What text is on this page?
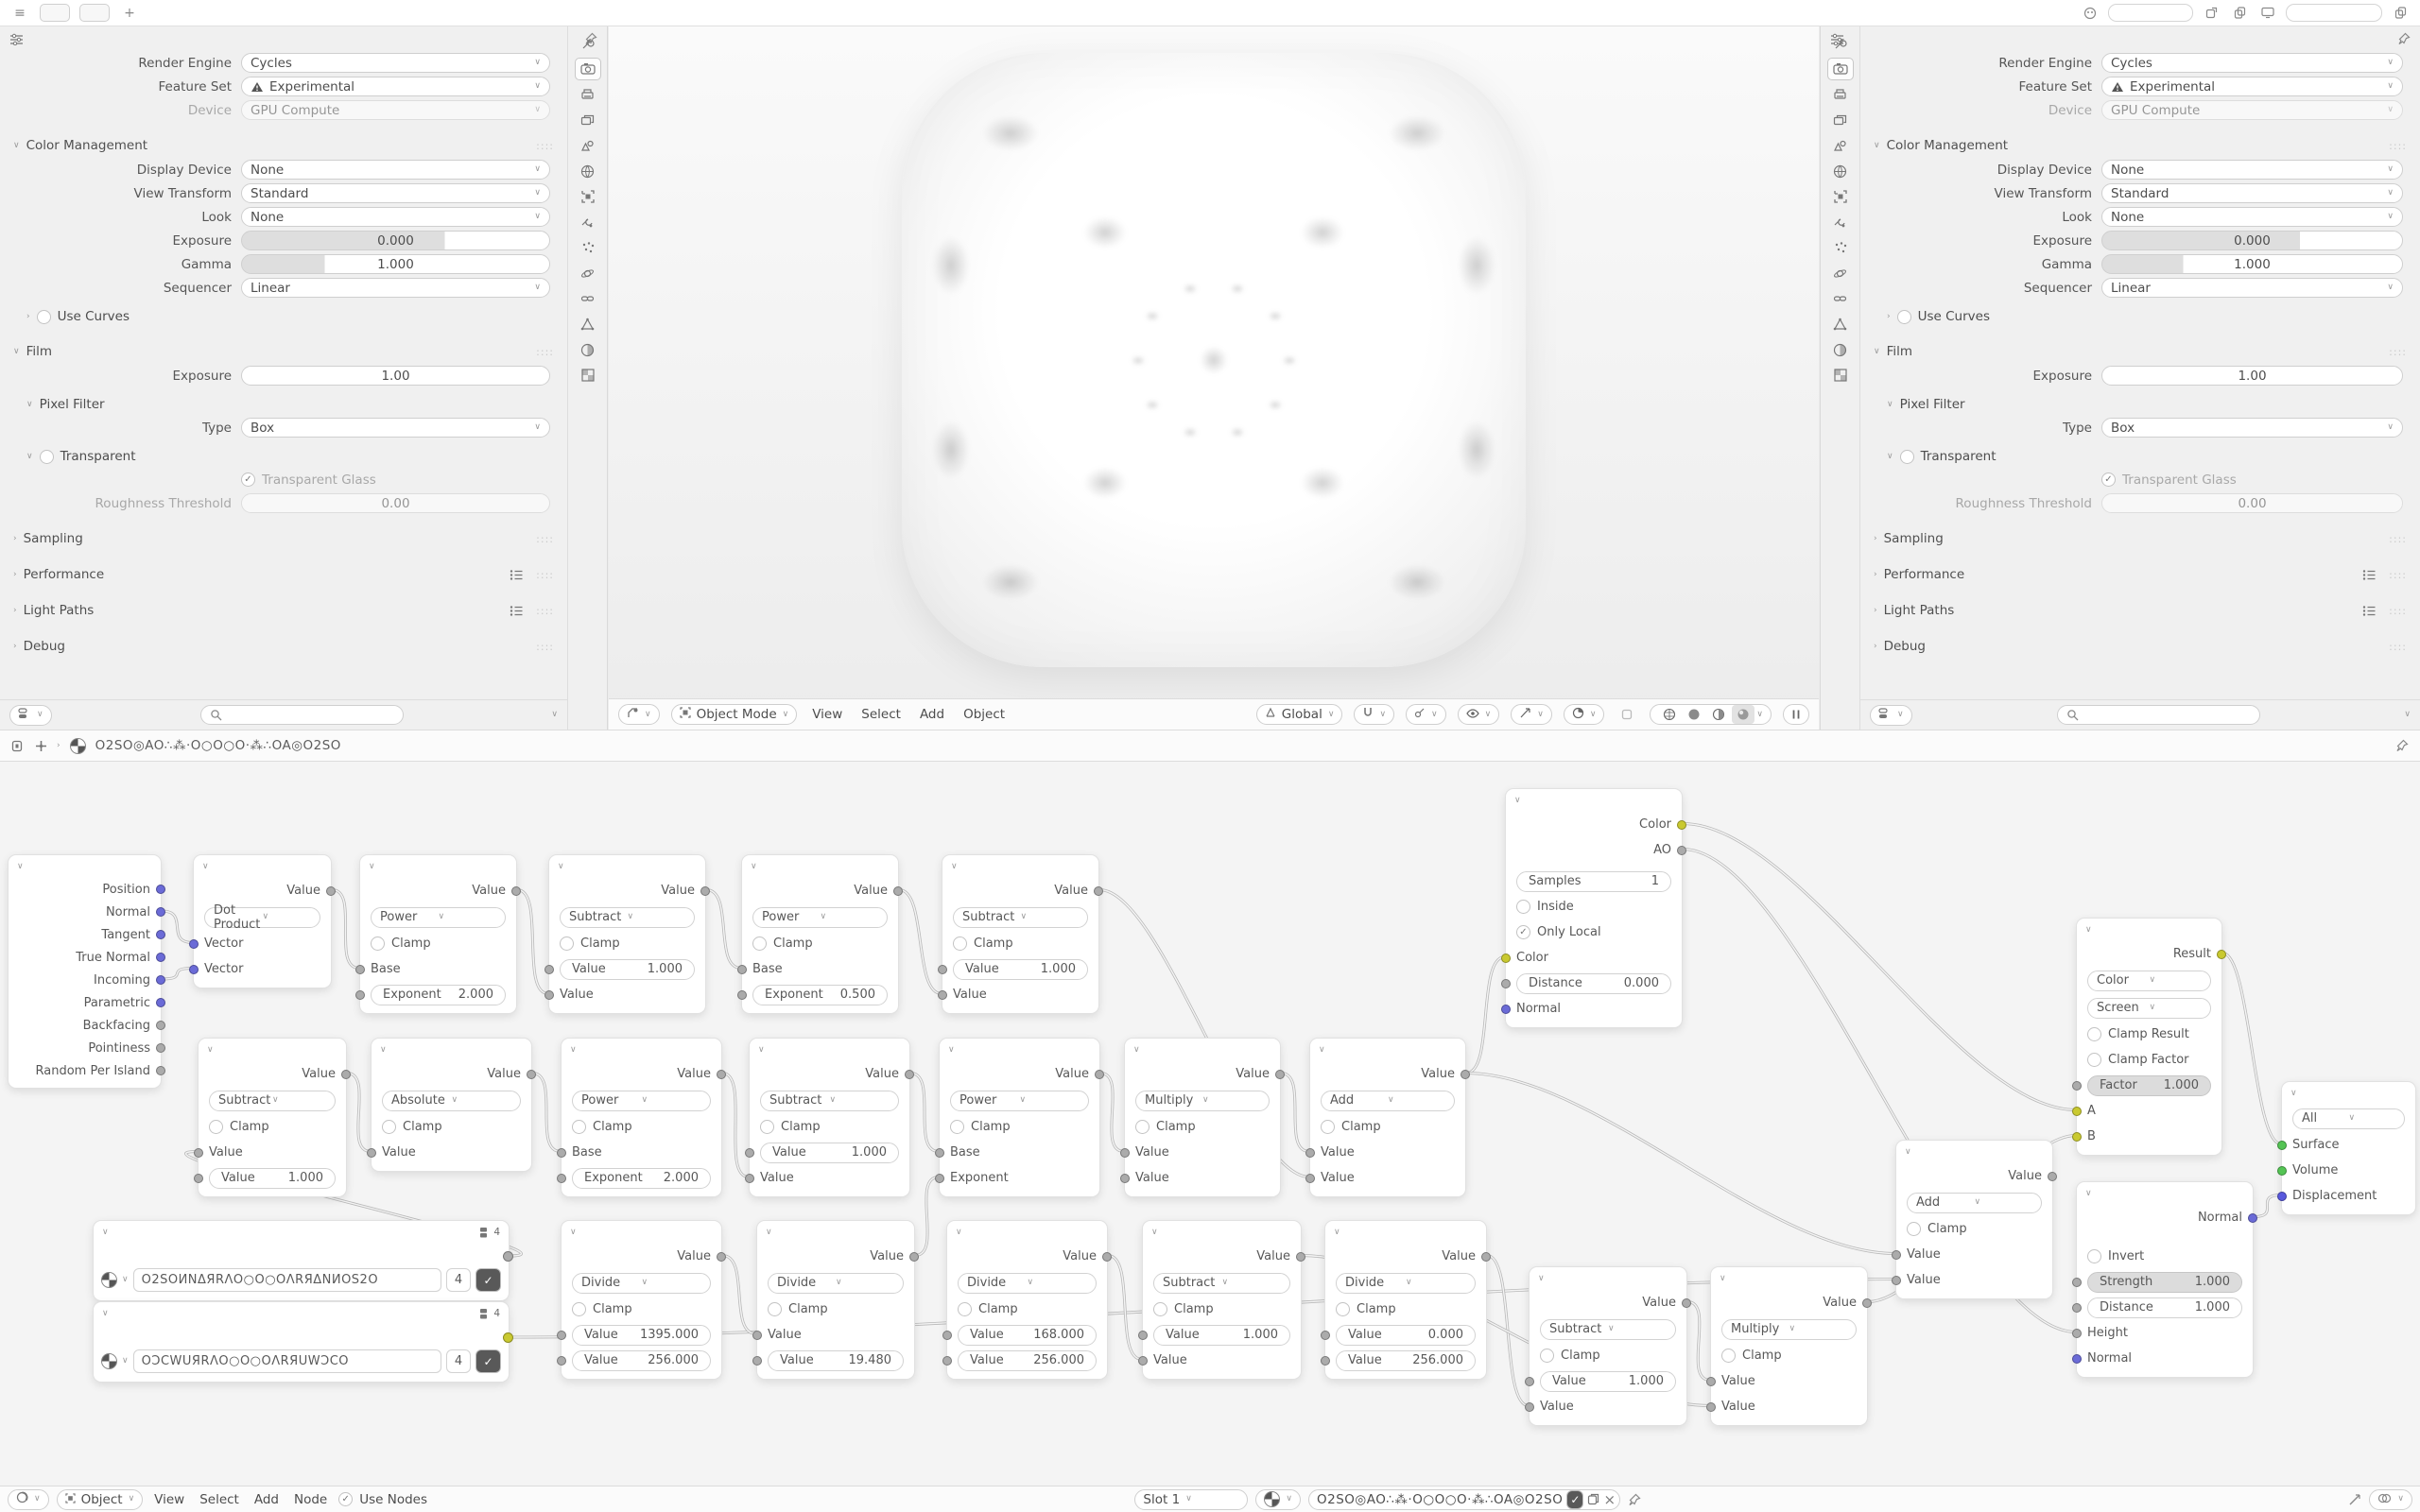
≡	+
Render Engine	Cycles	∨
Feature Set	Experimental	∨
Device	GPU Compute	∨
∨ Color Management	::::
Display Device	None	∨
View Transform	Standard	∨
Look	None	∨
Exposure	0.000
Gamma	1.000
Sequencer	Linear	∨
› Use Curves
∨ Film	::::
Exposure	1.00
∨ Pixel Filter
Type	Box	∨
∨ Transparent
✓ Transparent Glass
Roughness Threshold	0.00
› Sampling	::::
› Performance	::::
› Light Paths	::::
› Debug	::::
∨	∨
Render Engine	Cycles	∨
Feature Set	Experimental	∨
Device	GPU Compute	∨
∨ Color Management	::::
Display Device	None	∨
View Transform	Standard	∨
Look	None	∨
Exposure	0.000
Gamma	1.000
Sequencer	Linear	∨
› Use Curves
∨ Film	::::
Exposure	1.00
∨ Pixel Filter
Type	Box	∨
∨ Transparent
✓ Transparent Glass
Roughness Threshold	0.00
› Sampling	::::
› Performance	::::
› Light Paths	::::
› Debug	::::
∨	∨
∨	Object Mode ∨ View Select Add Object	Global ∨	∨	∨	∨	∨	∨	∨
›	O2SO◎AO∴⁂·O○O○O·⁂∴OA◎O2SO
∨
Position
Normal
Tangent
True Normal
Incoming
Parametric
Backfacing
Pointiness
Random Per Island
∨
Value
Dot Product
∨
Vector
Vector
∨
Value
Power	∨
Clamp
Base
Exponent 2.000
∨
Value
Subtract ∨
Clamp
Value	1.000
Value
∨
Value
Power	∨
Clamp
Base
Exponent 0.500
∨
Value
Subtract ∨
Clamp
Value	1.000
Value
∨
Value
Subtract ∨
Clamp
Value
Value	1.000
∨
Value
Absolute ∨
Clamp
Value
∨
Value
Power	∨
Clamp
Base
Exponent 2.000
∨
Value
Subtract ∨
Clamp
Value	1.000
Value
∨
Value
Power	∨
Clamp
Base
Exponent
∨
Value
Multiply	∨
Clamp
Value
Value
∨
Value
Add	∨
Clamp
Value
Value
∨	4
∨	O2SOИNΔЯRΛO○O○OΛRЯΔNИOS2O	4	✓
∨	4
∨	OƆCWUЯRΛO○O○OΛRЯUWƆCO	4	✓
∨
Value
Divide	∨
Clamp
Value 1395.000
Value 256.000
∨
Value
Divide	∨
Clamp
Value
Value	19.480
∨
Value
Divide	∨
Clamp
Value 168.000
Value 256.000
∨
Value
Subtract ∨
Clamp
Value	1.000
Value
∨
Value
Divide	∨
Clamp
Value	0.000
Value	256.000
∨
Value
Subtract ∨
Clamp
Value	1.000
Value
∨
Value
Multiply	∨
Clamp
Value
Value
∨
Color
AO
Samples	1
Inside
✓ Only Local
Color
Distance	0.000
Normal
∨
Value
Add	∨
Clamp
Value
Value
∨
Result
Color	∨
Screen	∨
Clamp Result
Clamp Factor
Factor 1.000
A
B
∨
Normal
Invert
Strength	1.000
Distance	1.000
Height
Normal
∨
All	∨
Surface
Volume
Displacement
∨	Object ∨ View Select Add Node	✓ Use Nodes	Slot 1 ∨	∨ O2SO◎AO∴⁂·O○O○O·⁂∴OA◎O2SO ✓ ×	∨
